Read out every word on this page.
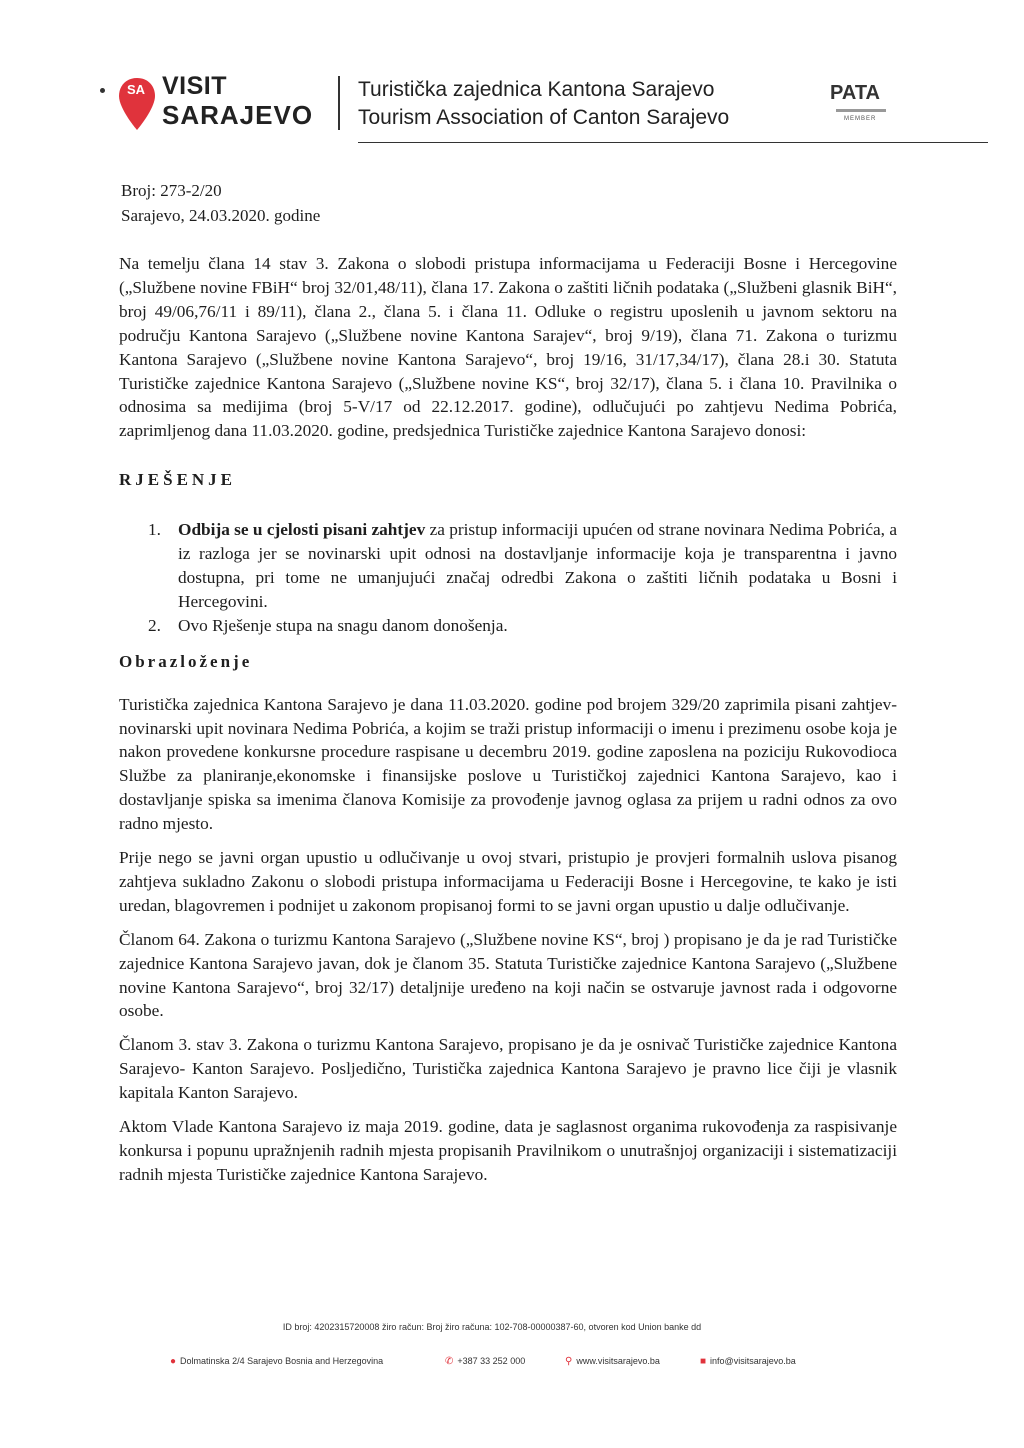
SA VISIT
SARAJEVO
Turistička zajednica Kantona Sarajevo
Tourism Association of Canton Sarajevo
PATA
MEMBER
Broj: 273-2/20
Sarajevo, 24.03.2020. godine

Na temelju člana 14 stav 3. Zakona o slobodi pristupa informacijama u Federaciji Bosne i Hercegovine („Službene novine FBiH“ broj 32/01,48/11), člana 17. Zakona o zaštiti ličnih podataka („Službeni glasnik BiH“, broj 49/06,76/11 i 89/11), člana 2., člana 5. i člana 11. Odluke o registru uposlenih u javnom sektoru na području Kantona Sarajevo („Službene novine Kantona Sarajev“, broj 9/19), člana 71. Zakona o turizmu Kantona Sarajevo („Službene novine Kantona Sarajevo“, broj 19/16, 31/17,34/17), člana 28.i 30. Statuta Turističke zajednice Kantona Sarajevo („Službene novine KS“, broj 32/17), člana 5. i člana 10. Pravilnika o odnosima sa medijima (broj 5-V/17 od 22.12.2017. godine), odlučujući po zahtjevu Nedima Pobrića, zaprimljenog dana 11.03.2020. godine, predsjednica Turističke zajednice Kantona Sarajevo donosi:

RJEŠENJE

1. Odbija se u cjelosti pisani zahtjev za pristup informaciji upućen od strane novinara Nedima Pobrića, a iz razloga jer se novinarski upit odnosi na dostavljanje informacije koja je transparentna i javno dostupna, pri tome ne umanjujući značaj odredbi Zakona o zaštiti ličnih podataka u Bosni i Hercegovini.
2. Ovo Rješenje stupa na snagu danom donošenja.

Obrazloženje

Turistička zajednica Kantona Sarajevo je dana 11.03.2020. godine pod brojem 329/20 zaprimila pisani zahtjev- novinarski upit novinara Nedima Pobrića, a kojim se traži pristup informaciji o imenu i prezimenu osobe koja je nakon provedene konkursne procedure raspisane u decembru 2019. godine zaposlena na poziciju Rukovodioca Službe za planiranje,ekonomske i finansijske poslove u Turističkoj zajednici Kantona Sarajevo, kao i dostavljanje spiska sa imenima članova Komisije za provođenje javnog oglasa za prijem u radni odnos za ovo radno mjesto.

Prije nego se javni organ upustio u odlučivanje u ovoj stvari, pristupio je provjeri formalnih uslova pisanog zahtjeva sukladno Zakonu o slobodi pristupa informacijama u Federaciji Bosne i Hercegovine, te kako je isti uredan, blagovremen i podnijet u zakonom propisanoj formi to se javni organ upustio u dalje odlučivanje.

Članom 64. Zakona o turizmu Kantona Sarajevo („Službene novine KS“, broj ) propisano je da je rad Turističke zajednice Kantona Sarajevo javan, dok je članom 35. Statuta Turističke zajednice Kantona Sarajevo („Službene novine Kantona Sarajevo“, broj 32/17) detaljnije uređeno na koji način se ostvaruje javnost rada i odgovorne osobe.

Članom 3. stav 3. Zakona o turizmu Kantona Sarajevo, propisano je da je osnivač Turističke zajednice Kantona Sarajevo- Kanton Sarajevo. Posljedično, Turistička zajednica Kantona Sarajevo je pravno lice čiji je vlasnik kapitala Kanton Sarajevo.

Aktom Vlade Kantona Sarajevo iz maja 2019. godine, data je saglasnost organima rukovođenja za raspisivanje konkursa i popunu upražnjenih radnih mjesta propisanih Pravilnikom o unutrašnjoj organizaciji i sistematizaciji radnih mjesta Turističke zajednice Kantona Sarajevo.

ID broj: 4202315720008 žiro račun: Broj žiro računa: 102-708-00000387-60, otvoren kod Union banke dd
● Dolmatinska 2/4 Sarajevo Bosnia and Herzegovina	✆ +387 33 252 000	⚲ www.visitsarajevo.ba	■ info@visitsarajevo.ba
